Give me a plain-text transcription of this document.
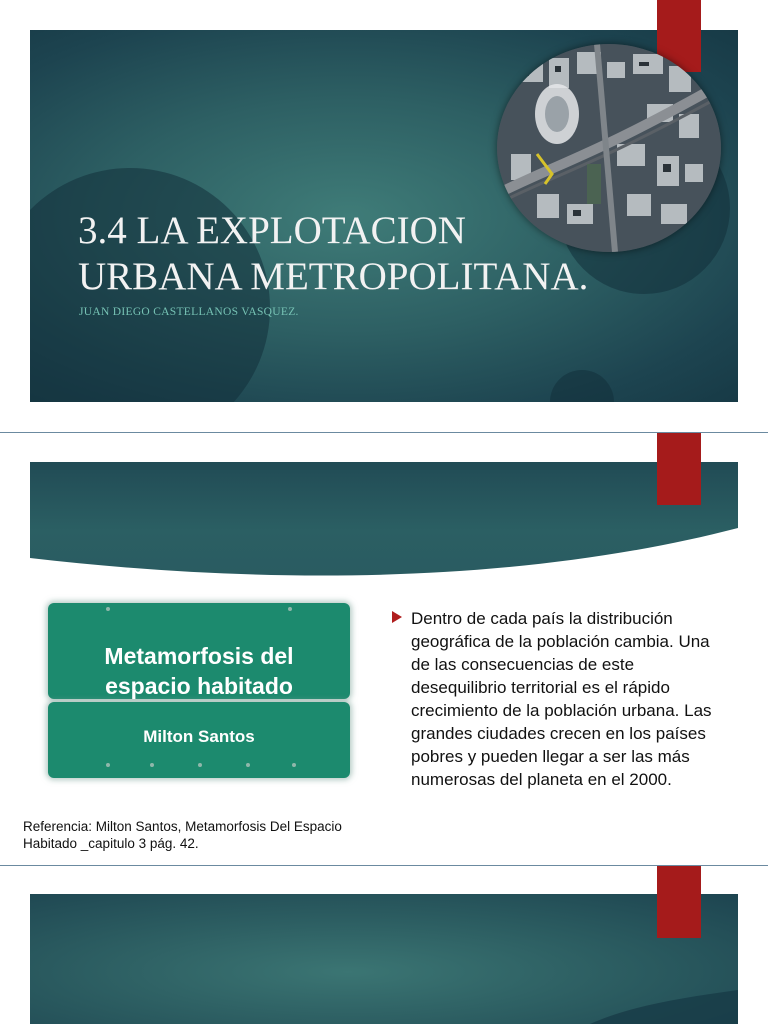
3.4 LA EXPLOTACION
URBANA METROPOLITANA.
JUAN DIEGO CASTELLANOS VASQUEZ.
Metamorfosis del
espacio habitado
Milton Santos
Dentro de cada país la distribución geográfica de la población cambia. Una de las consecuencias de este desequilibrio territorial es el rápido crecimiento de la población urbana. Las grandes ciudades crecen en los países pobres y pueden llegar a ser las más numerosas del planeta en el 2000.
Referencia: Milton Santos, Metamorfosis Del Espacio Habitado _capitulo 3 pág. 42.
